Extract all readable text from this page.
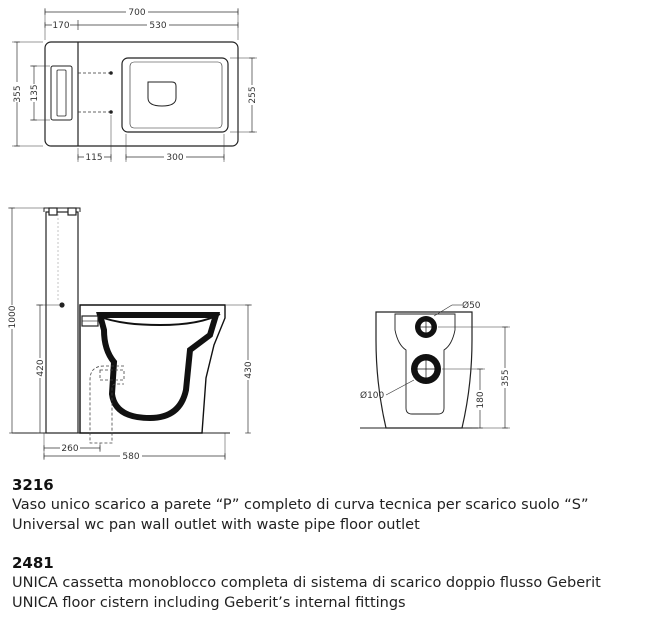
700
170	530
355 135	255
115	300
1000
420	430
260
580
Ø50
Ø100
355
180
3216
Vaso unico scarico a parete “P” completo di curva tecnica per scarico suolo “S”
Universal wc pan wall outlet with waste pipe floor outlet
2481
UNICA cassetta monoblocco completa di sistema di scarico doppio flusso Geberit
UNICA floor cistern including Geberit’s internal fittings
